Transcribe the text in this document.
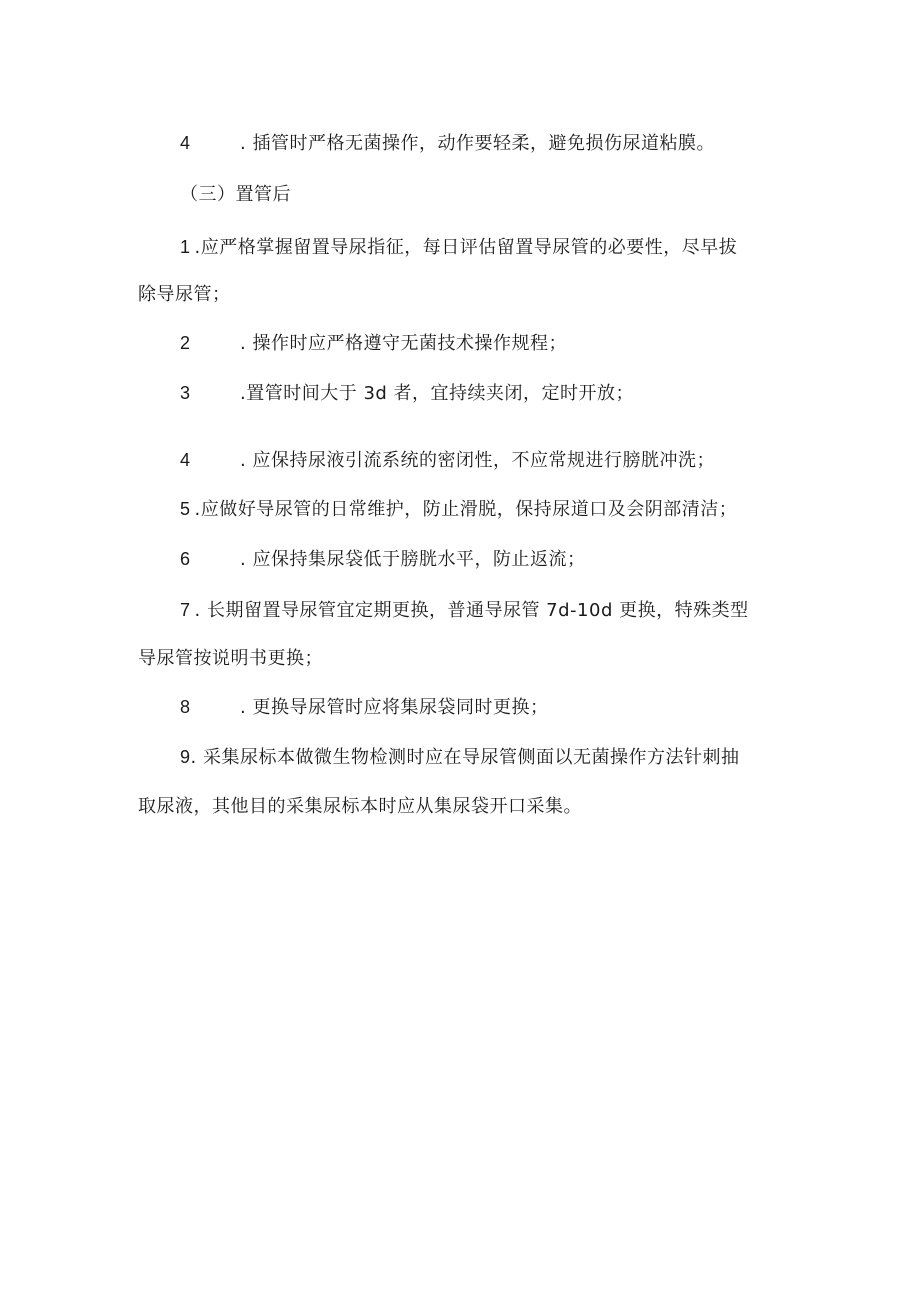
4	. 插管时严格无菌操作，动作要轻柔，避免损伤尿道粘膜。
（三）置管后
1 .应严格掌握留置导尿指征，每日评估留置导尿管的必要性，尽早拔
除导尿管；
2	. 操作时应严格遵守无菌技术操作规程；
3	.置管时间大于 3d 者，宜持续夹闭，定时开放；
4	. 应保持尿液引流系统的密闭性，不应常规进行膀胱冲洗；
5 .应做好导尿管的日常维护，防止滑脱，保持尿道口及会阴部清洁；
6	. 应保持集尿袋低于膀胱水平，防止返流；
7 . 长期留置导尿管宜定期更换，普通导尿管 7d-10d 更换，特殊类型
导尿管按说明书更换；
8	. 更换导尿管时应将集尿袋同时更换；
9. 采集尿标本做微生物检测时应在导尿管侧面以无菌操作方法针刺抽
取尿液，其他目的采集尿标本时应从集尿袋开口采集。
